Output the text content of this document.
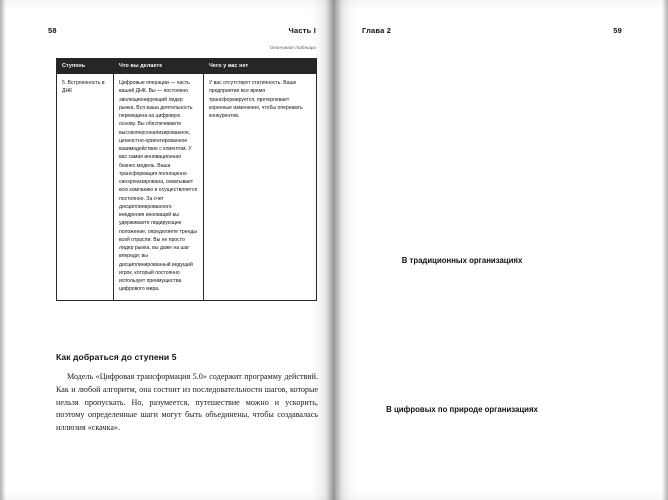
58	Часть I
Окончание таблицы
Ступень	Что вы делаете	Чего у вас нет
5. Встроенность в ДНК	Цифровые операции — часть вашей ДНК. Вы — постоянно эволюционирующий лидер рынка. Вся ваша деятельность переведена на цифровую основу. Вы обеспечиваете высокоперсонализированное, ценностно-ориентированное взаимодействие с клиентом. У вас самая инновационная бизнес-модель. Ваша трансформация полноценно синхронизирована, охватывает всю компанию и осуществляется постоянно. За счет дисциплинированного внедрения инноваций вы удерживаете лидирующее положение, определяете тренды всей отрасли. Вы не просто лидер рынка, вы даже на шаг впереди; вы дисциплинированный ведущий игрок, который постоянно использует преимущества цифрового мира.	У вас отсутствует статичность. Ваше предприятие все время трансформируется, претерпевает коренные изменения, чтобы опережать конкурентов.
Как добраться до ступени 5
Модель «Цифровая трансформация 5.0» содержит программу действий. Как и любой алгоритм, она состоит из последовательности шагов, которые нельзя пропускать. Но, разумеется, путешествие можно и ускорить, поэтому определенные шаги могут быть объединены, чтобы создавалась иллюзия «скачка».
Глава 2	59
В традиционных организациях
В цифровых по природе организациях
